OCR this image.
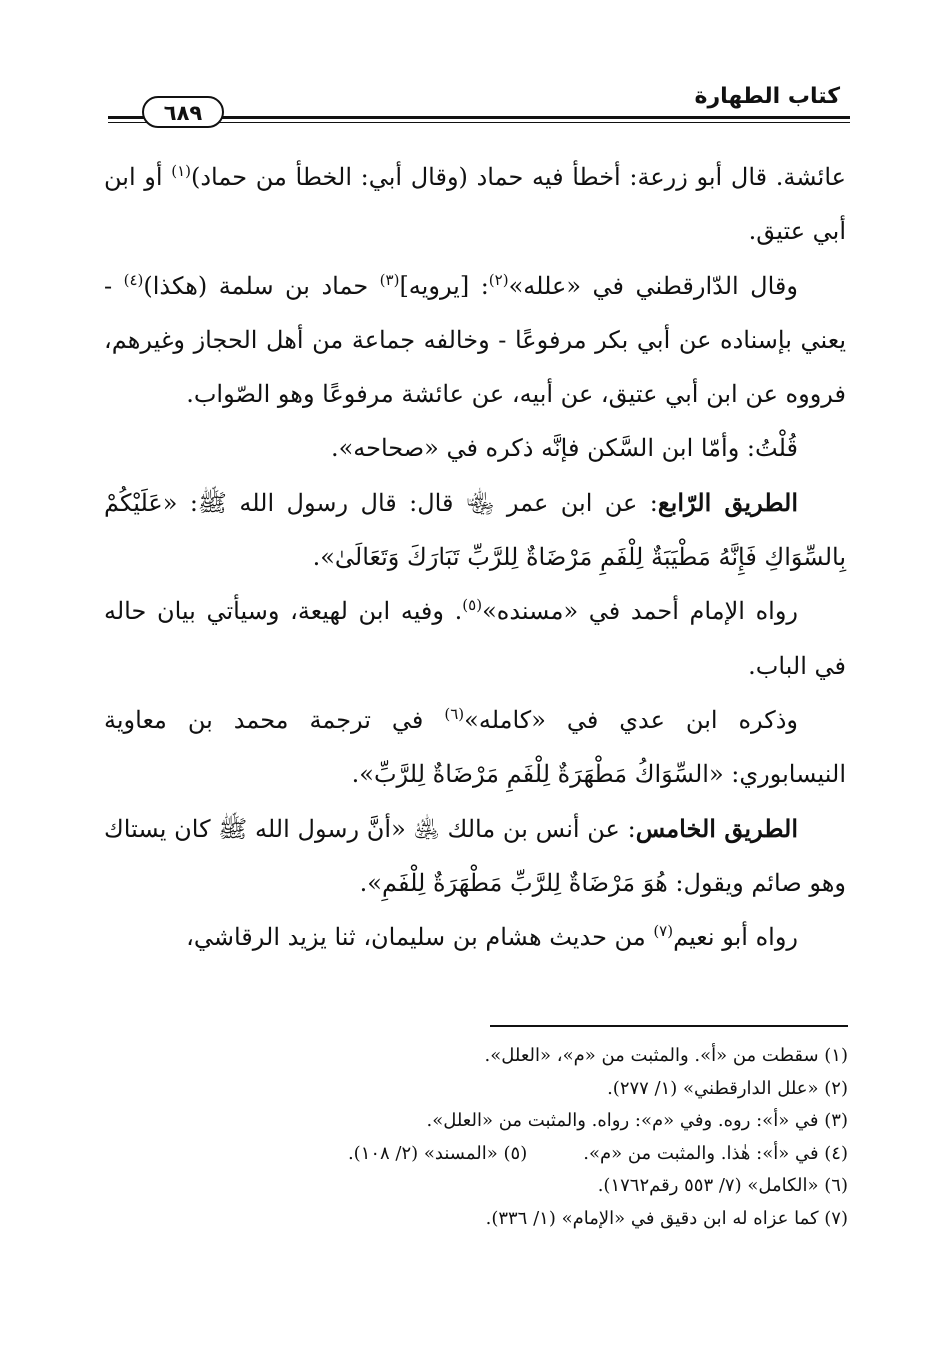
كتاب الطهارة
٦٨٩

عائشة. قال أبو زرعة: أخطأ فيه حماد (وقال أبي: الخطأ من حماد)$^{(١)}$ أو ابن أبي عتيق.

وقال الدّارقطني في «علله»$^{(٢)}$: [يرويه]$^{(٣)}$ حماد بن سلمة (هكذا)$^{(٤)}$ - يعني بإسناده عن أبي بكر مرفوعًا - وخالفه جماعة من أهل الحجاز وغيرهم، فرووه عن ابن أبي عتيق، عن أبيه، عن عائشة مرفوعًا وهو الصّواب.

قُلْتُ: وأمّا ابن السَّكن فإنَّه ذكره في «صحاحه».

الطريق الرّابع: عن ابن عمر ﵄ قال: قال رسول الله ﷺ: «عَلَيْكُمْ بِالسِّوَاكِ فَإِنَّهُ مَطْيَبَةٌ لِلْفَمِ مَرْضَاةٌ لِلرَّبِّ تَبَارَكَ وَتَعَالَىٰ».

رواه الإمام أحمد في «مسنده»$^{(٥)}$. وفيه ابن لهيعة، وسيأتي بيان حاله في الباب.

وذكره ابن عدي في «كامله»$^{(٦)}$ في ترجمة محمد بن معاوية النيسابوري: «السِّوَاكُ مَطْهَرَةٌ لِلْفَمِ مَرْضَاةٌ لِلرَّبِّ».

الطريق الخامس: عن أنس بن مالك ﵁ «أنَّ رسول الله ﷺ كان يستاك وهو صائم ويقول: هُوَ مَرْضَاةٌ لِلرَّبِّ مَطْهَرَةٌ لِلْفَمِ».

رواه أبو نعيم$^{(٧)}$ من حديث هشام بن سليمان، ثنا يزيد الرقاشي،

(١) سقطت من «أ». والمثبت من «م»، «العلل».

(٢) «علل الدارقطني» (١/ ٢٧٧).

(٣) في «أ»: روه. وفي «م»: رواه. والمثبت من «العلل».

(٤) في «أ»: هٰذا. والمثبت من «م».(٥) «المسند» (٢/ ١٠٨).

(٦) «الكامل» (٧/ ٥٥٣ رقم١٧٦٢).

(٧) كما عزاه له ابن دقيق في «الإمام» (١/ ٣٣٦).
